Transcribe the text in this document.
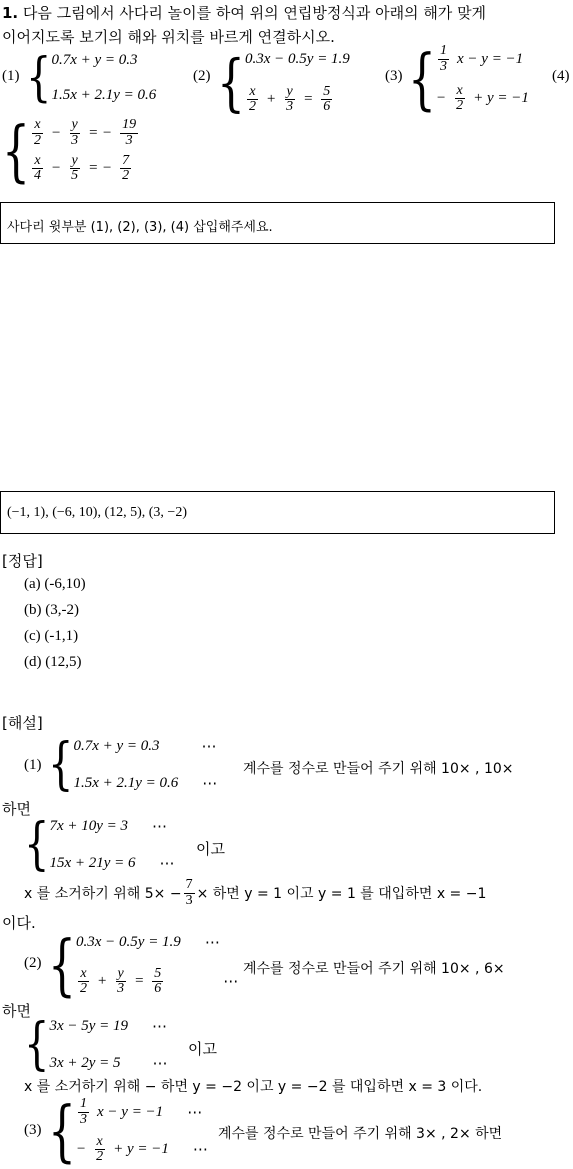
1. 다음 그림에서 사다리 놀이를 하여 위의 연립방정식과 아래의 해가 맞게
이어지도록 보기의 해와 위치를 바르게 연결하시오.
(1) { 0.7x + y = 0.3
1.5x + 2.1y = 0.6
(2) { 0.3x − 0.5y = 1.9
$\frac{x}{2} + \frac{y}{3} = \frac{5}{6}$
(3) { $\frac{1}{3}$ x − y = −1
− $\frac{x}{2} + y = -1$
(4)
{ $\frac{x}{2} - \frac{y}{3}$ = − $\frac{19}{3}$
$\frac{x}{4} - \frac{y}{5}$ = − $\frac{7}{2}$
사다리 윗부분 (1), (2), (3), (4) 삽입해주세요.
(−1, 1), (−6, 10), (12, 5), (3, −2)
[정답]
(a) (-6,10)
(b) (3,-2)
(c) (-1,1)
(d) (12,5)
[해설]
(1) { 0.7x + y = 0.3	⋯
1.5x + 2.1y = 0.6 ⋯
계수를 정수로 만들어 주기 위해 10× , 10×
하면
{ 7x + 10y = 3 ⋯
15x + 21y = 6 ⋯
이고
x 를 소거하기 위해 $5\times - \frac{7}{3}$ × 하면 y = 1 이고 y = 1 를 대입하면 x = −1
이다.
(2) { 0.3x − 0.5y = 1.9 ⋯
$\frac{x}{2} + \frac{y}{3} = \frac{5}{6}$	⋯
계수를 정수로 만들어 주기 위해 10× , 6×
하면
{ 3x − 5y = 19 ⋯
3x + 2y = 5 ⋯
이고
x 를 소거하기 위해 − 하면 y = −2 이고 y = −2 를 대입하면 x = 3 이다.
(3) { $\frac{1}{3}$ x − y = −1 ⋯
− $\frac{x}{2} + y = -1$ ⋯
계수를 정수로 만들어 주기 위해 3× , 2× 하면
